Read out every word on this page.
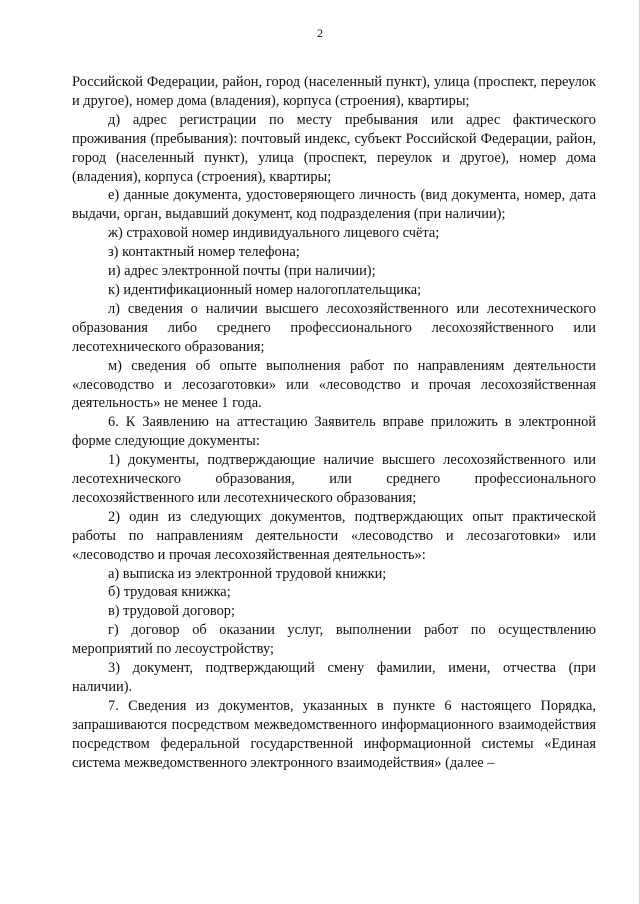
2

Российской Федерации, район, город (населенный пункт), улица (проспект, переулок и другое), номер дома (владения), корпуса (строения), квартиры;

д) адрес регистрации по месту пребывания или адрес фактического проживания (пребывания): почтовый индекс, субъект Российской Федерации, район, город (населенный пункт), улица (проспект, переулок и другое), номер дома (владения), корпуса (строения), квартиры;

е) данные документа, удостоверяющего личность (вид документа, номер, дата выдачи, орган, выдавший документ, код подразделения (при наличии);

ж) страховой номер индивидуального лицевого счёта;

з) контактный номер телефона;

и) адрес электронной почты (при наличии);

к) идентификационный номер налогоплательщика;

л) сведения о наличии высшего лесохозяйственного или лесотехнического образования либо среднего профессионального лесохозяйственного или лесотехнического образования;

м) сведения об опыте выполнения работ по направлениям деятельности «лесоводство и лесозаготовки» или «лесоводство и прочая лесохозяйственная деятельность» не менее 1 года.

6. К Заявлению на аттестацию Заявитель вправе приложить в электронной форме следующие документы:

1) документы, подтверждающие наличие высшего лесохозяйственного или лесотехнического образования, или среднего профессионального лесохозяйственного или лесотехнического образования;

2) один из следующих документов, подтверждающих опыт практической работы по направлениям деятельности «лесоводство и лесозаготовки» или «лесоводство и прочая лесохозяйственная деятельность»:

а) выписка из электронной трудовой книжки;

б) трудовая книжка;

в) трудовой договор;

г) договор об оказании услуг, выполнении работ по осуществлению мероприятий по лесоустройству;

3) документ, подтверждающий смену фамилии, имени, отчества (при наличии).

7. Сведения из документов, указанных в пункте 6 настоящего Порядка, запрашиваются посредством межведомственного информационного взаимодействия посредством федеральной государственной информационной системы «Единая система межведомственного электронного взаимодействия» (далее –
